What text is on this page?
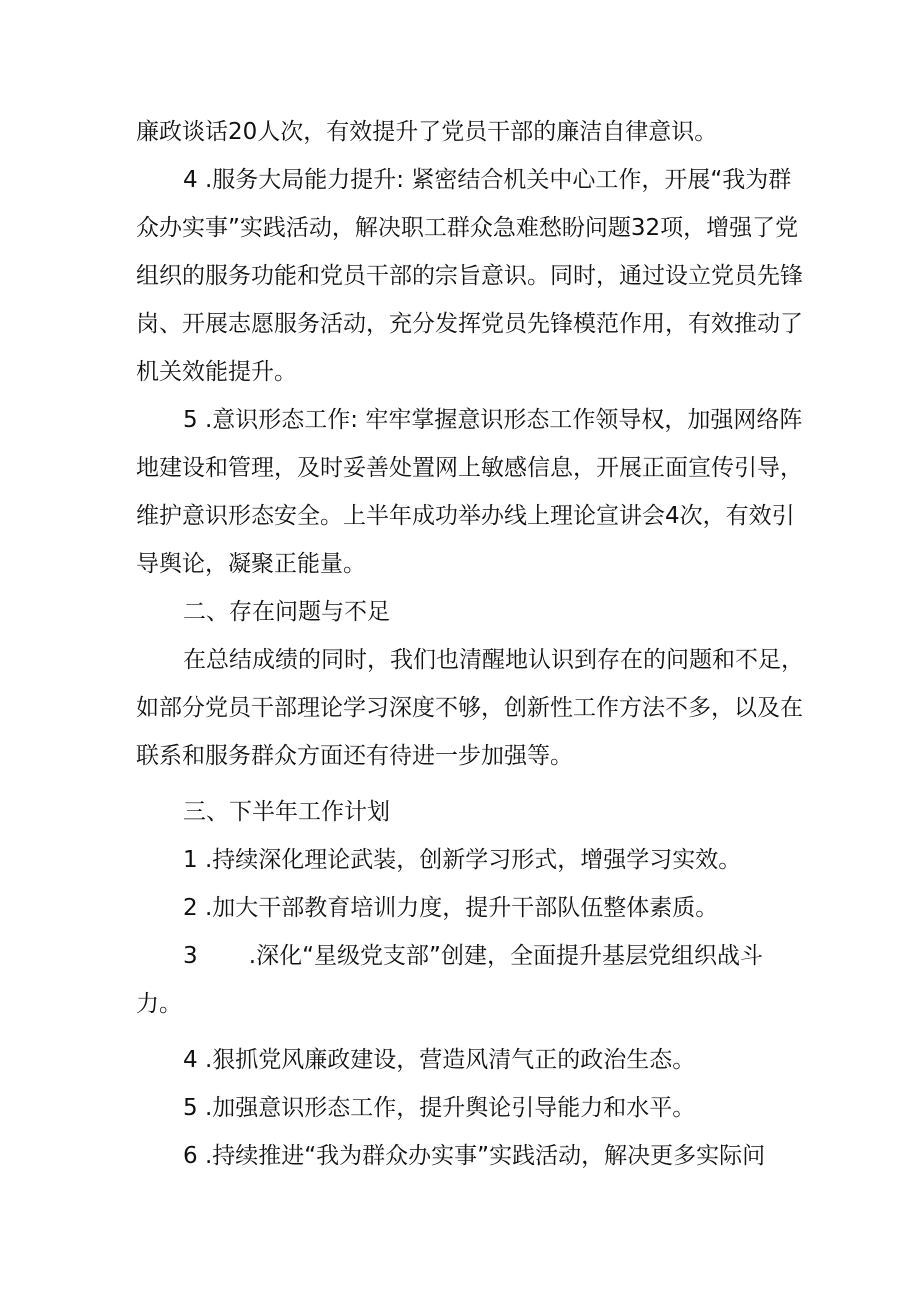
廉政谈话20人次，有效提升了党员干部的廉洁自律意识。

4 .服务大局能力提升: 紧密结合机关中心工作，开展“我为群众办实事”实践活动，解决职工群众急难愁盼问题32项，增强了党组织的服务功能和党员干部的宗旨意识。同时，通过设立党员先锋岗、开展志愿服务活动，充分发挥党员先锋模范作用，有效推动了机关效能提升。

5 .意识形态工作: 牢牢掌握意识形态工作领导权，加强网络阵地建设和管理，及时妥善处置网上敏感信息，开展正面宣传引导，维护意识形态安全。上半年成功举办线上理论宣讲会4次，有效引导舆论，凝聚正能量。

二、存在问题与不足

在总结成绩的同时，我们也清醒地认识到存在的问题和不足，如部分党员干部理论学习深度不够，创新性工作方法不多，以及在联系和服务群众方面还有待进一步加强等。

三、下半年工作计划

1 .持续深化理论武装，创新学习形式，增强学习实效。

2 .加大干部教育培训力度，提升干部队伍整体素质。

3       .深化“星级党支部”创建，全面提升基层党组织战斗力。

4 .狠抓党风廉政建设，营造风清气正的政治生态。

5 .加强意识形态工作，提升舆论引导能力和水平。

6 .持续推进“我为群众办实事”实践活动，解决更多实际问
